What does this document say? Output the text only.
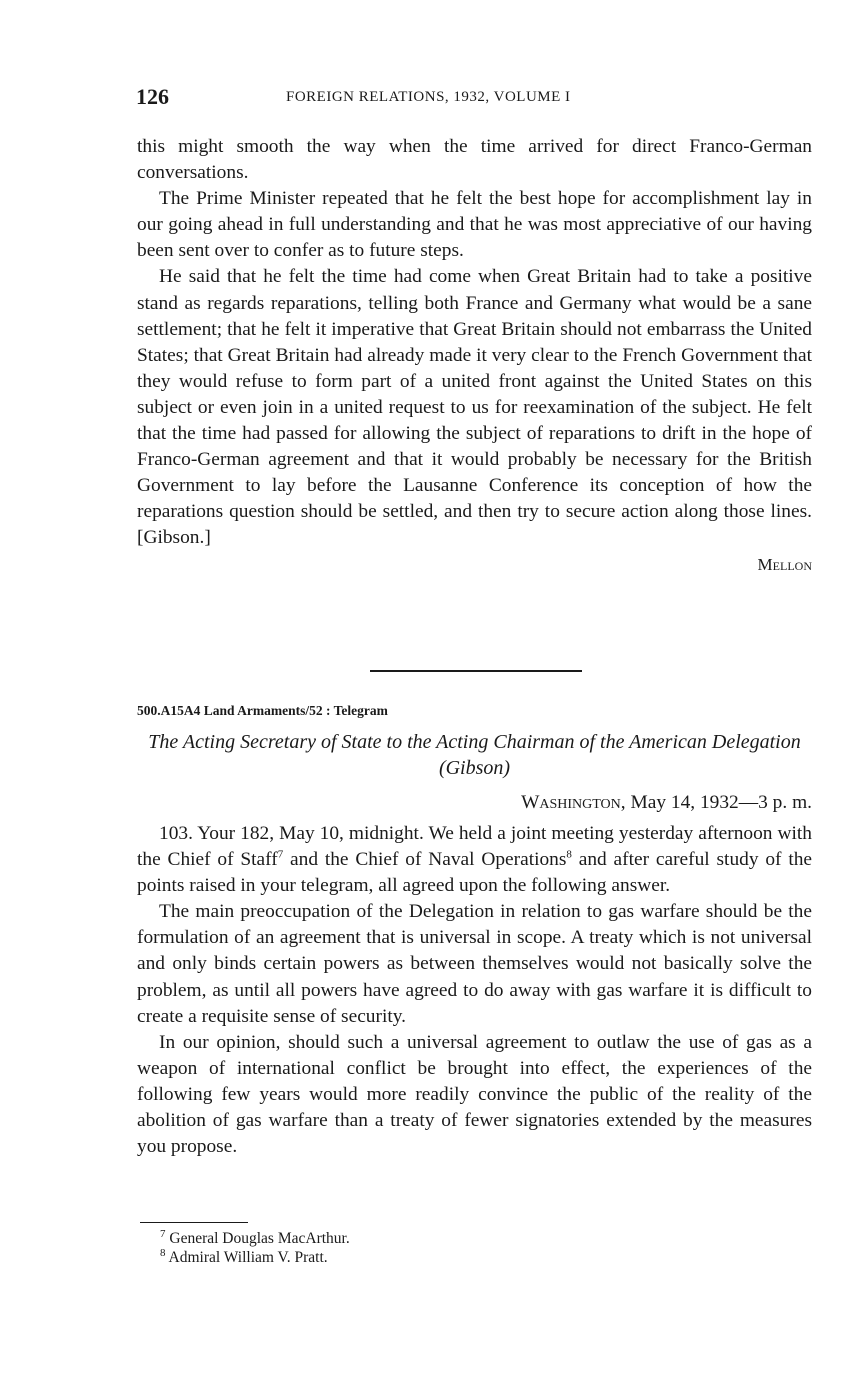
126	FOREIGN RELATIONS, 1932, VOLUME I

this might smooth the way when the time arrived for direct Franco-German conversations.

The Prime Minister repeated that he felt the best hope for accomplishment lay in our going ahead in full understanding and that he was most appreciative of our having been sent over to confer as to future steps.

He said that he felt the time had come when Great Britain had to take a positive stand as regards reparations, telling both France and Germany what would be a sane settlement; that he felt it imperative that Great Britain should not embarrass the United States; that Great Britain had already made it very clear to the French Government that they would refuse to form part of a united front against the United States on this subject or even join in a united request to us for reexamination of the subject. He felt that the time had passed for allowing the subject of reparations to drift in the hope of Franco-German agreement and that it would probably be necessary for the British Government to lay before the Lausanne Conference its conception of how the reparations question should be settled, and then try to secure action along those lines. [Gibson.]

Mellon
500.A15A4 Land Armaments/52 : Telegram
The Acting Secretary of State to the Acting Chairman of the American Delegation (Gibson)
Washington, May 14, 1932—3 p. m.

103. Your 182, May 10, midnight. We held a joint meeting yesterday afternoon with the Chief of Staff$^7$ and the Chief of Naval Operations$^8$ and after careful study of the points raised in your telegram, all agreed upon the following answer.

The main preoccupation of the Delegation in relation to gas warfare should be the formulation of an agreement that is universal in scope. A treaty which is not universal and only binds certain powers as between themselves would not basically solve the problem, as until all powers have agreed to do away with gas warfare it is difficult to create a requisite sense of security.

In our opinion, should such a universal agreement to outlaw the use of gas as a weapon of international conflict be brought into effect, the experiences of the following few years would more readily convince the public of the reality of the abolition of gas warfare than a treaty of fewer signatories extended by the measures you propose.

$^7$ General Douglas MacArthur.
$^8$ Admiral William V. Pratt.
